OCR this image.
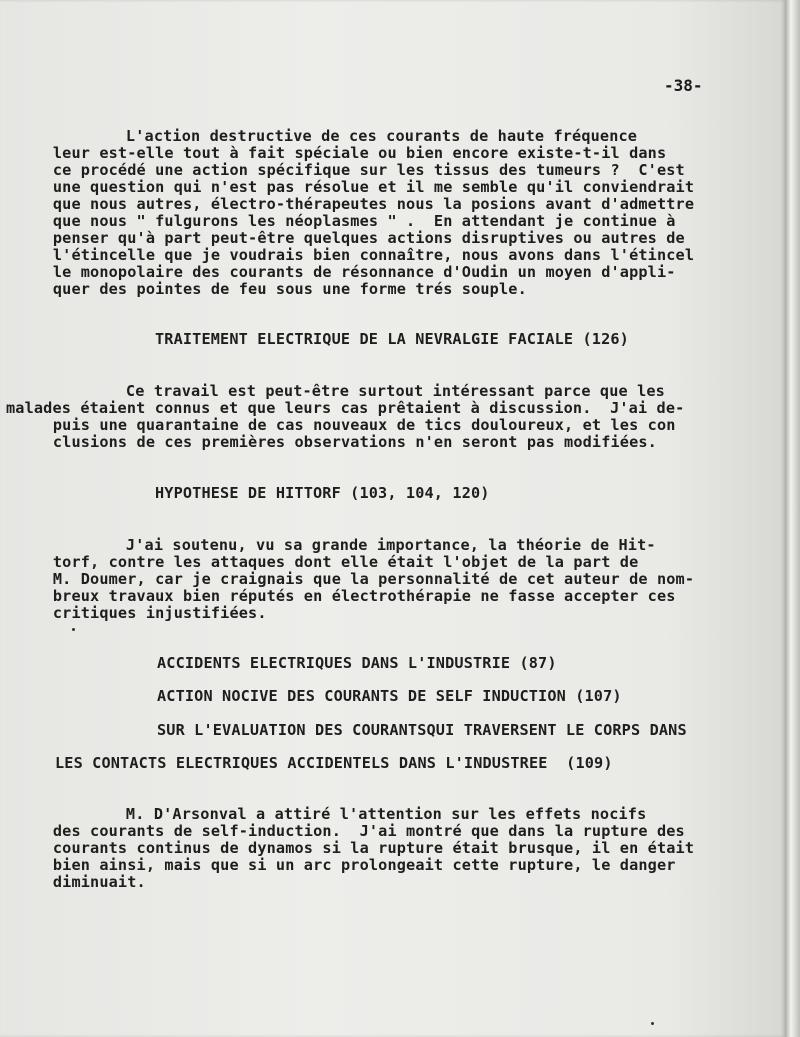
-38-
L'action destructive de ces courants de haute fréquence
leur est-elle tout à fait spéciale ou bien encore existe-t-il dans
ce procédé une action spécifique sur les tissus des tumeurs ?  C'est
une question qui n'est pas résolue et il me semble qu'il conviendrait
que nous autres, électro-thérapeutes nous la posions avant d'admettre
que nous " fulgurons les néoplasmes " .  En attendant je continue à
penser qu'à part peut-être quelques actions disruptives ou autres de
l'étincelle que je voudrais bien connaître, nous avons dans l'étincel
le monopolaire des courants de résonnance d'Oudin un moyen d'appli-
quer des pointes de feu sous une forme trés souple.
TRAITEMENT ELECTRIQUE DE LA NEVRALGIE FACIALE (126)
Ce travail est peut-être surtout intéressant parce que les
malades étaient connus et que leurs cas prêtaient à discussion.  J'ai de-
puis une quarantaine de cas nouveaux de tics douloureux, et les con
clusions de ces premières observations n'en seront pas modifiées.
HYPOTHESE DE HITTORF (103, 104, 120)
J'ai soutenu, vu sa grande importance, la théorie de Hit-
torf, contre les attaques dont elle était l'objet de la part de
M. Doumer, car je craignais que la personnalité de cet auteur de nom-
breux travaux bien réputés en électrothérapie ne fasse accepter ces
critiques injustifiées.
ACCIDENTS ELECTRIQUES DANS L'INDUSTRIE (87)
ACTION NOCIVE DES COURANTS DE SELF INDUCTION (107)
SUR L'EVALUATION DES COURANTSQUI TRAVERSENT LE CORPS DANS
LES CONTACTS ELECTRIQUES ACCIDENTELS DANS L'INDUSTREE  (109)
M. D'Arsonval a attiré l'attention sur les effets nocifs
des courants de self-induction.  J'ai montré que dans la rupture des
courants continus de dynamos si la rupture était brusque, il en était
bien ainsi, mais que si un arc prolongeait cette rupture, le danger
diminuait.
